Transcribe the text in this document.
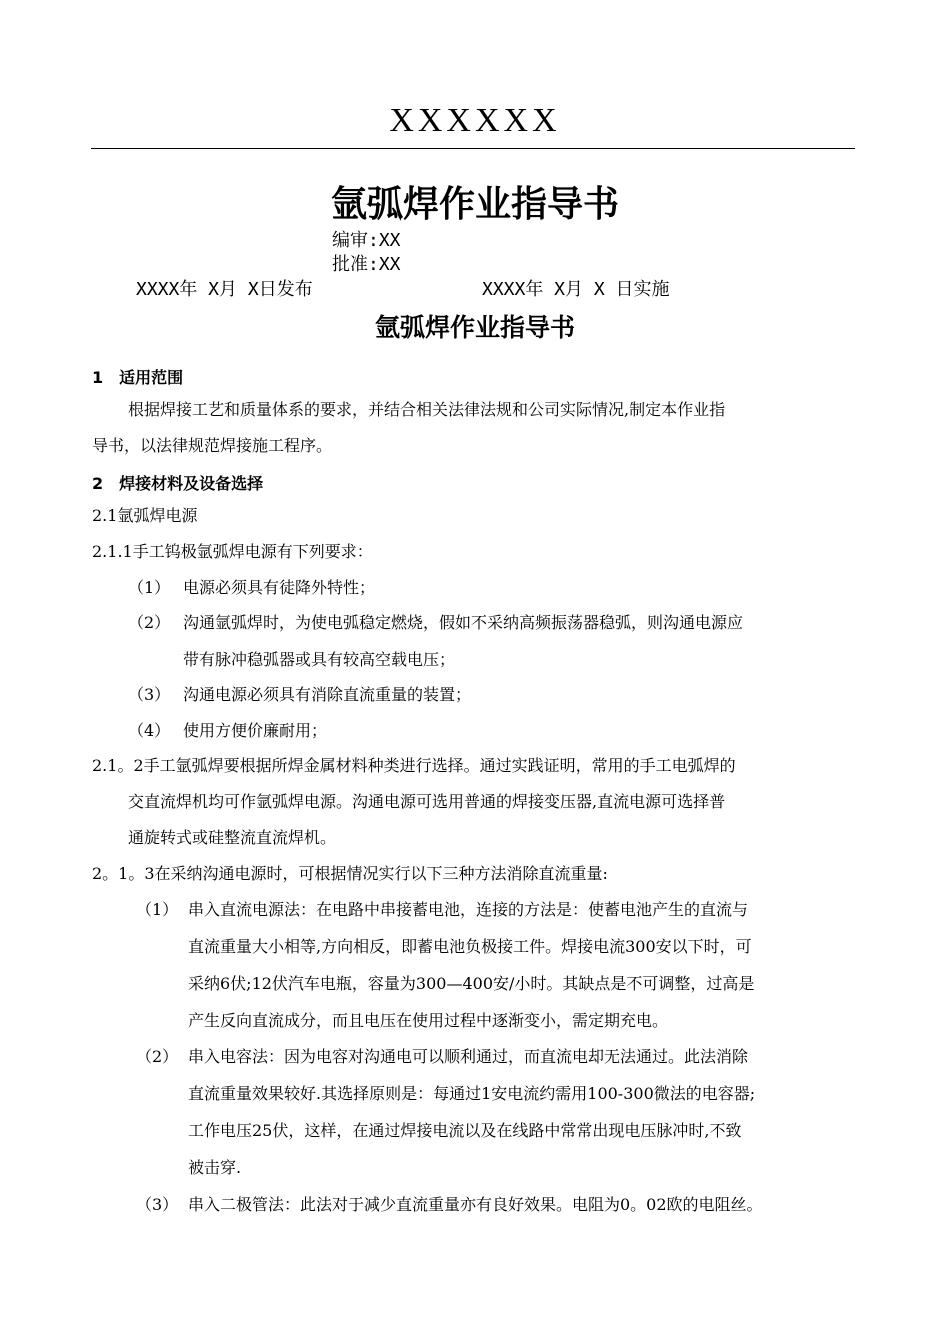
XXXXXX
氩弧焊作业指导书
编审:XX
批准:XX
XXXX年 X月 X日发布	XXXX年 X月 X 日实施
氩弧焊作业指导书
1　适用范围
根据焊接工艺和质量体系的要求，并结合相关法律法规和公司实际情况,制定本作业指
导书，以法律规范焊接施工程序。
2　焊接材料及设备选择
2.1氩弧焊电源
2.1.1手工钨极氩弧焊电源有下列要求：
（1） 电源必须具有徒降外特性；
（2） 沟通氩弧焊时，为使电弧稳定燃烧，假如不采纳高频振荡器稳弧，则沟通电源应
带有脉冲稳弧器或具有较高空载电压；
（3） 沟通电源必须具有消除直流重量的装置；
（4） 使用方便价廉耐用；
2.1。2手工氩弧焊要根据所焊金属材料种类进行选择。通过实践证明，常用的手工电弧焊的
交直流焊机均可作氩弧焊电源。沟通电源可选用普通的焊接变压器,直流电源可选择普
通旋转式或硅整流直流焊机。
2。1。3在采纳沟通电源时，可根据情况实行以下三种方法消除直流重量:
（1） 串入直流电源法：在电路中串接蓄电池，连接的方法是：使蓄电池产生的直流与
直流重量大小相等,方向相反，即蓄电池负极接工件。焊接电流300安以下时，可
采纳6伏;12伏汽车电瓶，容量为300—400安/小时。其缺点是不可调整，过高是
产生反向直流成分，而且电压在使用过程中逐渐变小，需定期充电。
（2） 串入电容法：因为电容对沟通电可以顺利通过，而直流电却无法通过。此法消除
直流重量效果较好.其选择原则是：每通过1安电流约需用100-300微法的电容器;
工作电压25伏，这样，在通过焊接电流以及在线路中常常出现电压脉冲时,不致
被击穿.
（3） 串入二极管法：此法对于减少直流重量亦有良好效果。电阻为0。02欧的电阻丝。
